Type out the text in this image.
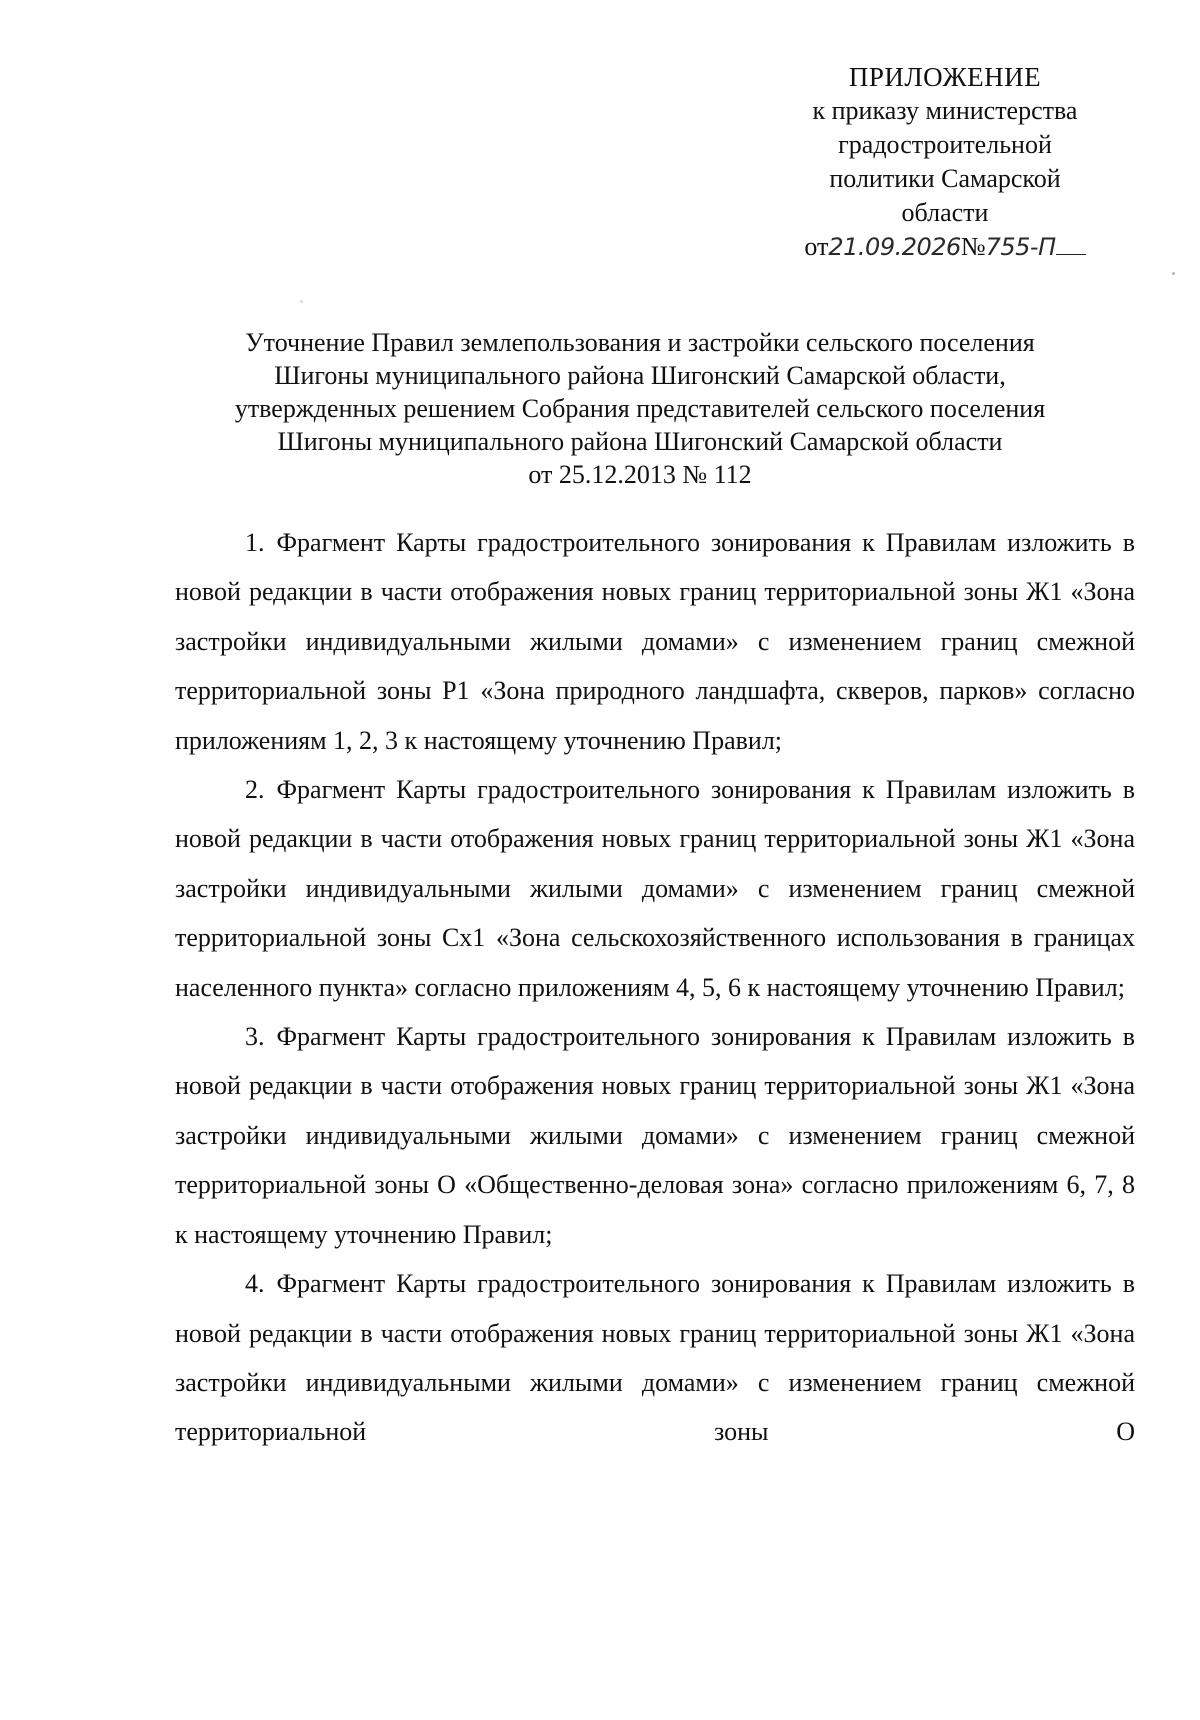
ПРИЛОЖЕНИЕ
к приказу министерства
градостроительной
политики Самарской
области
от21.09.2026№755-П
Уточнение Правил землепользования и застройки сельского поселения
Шигоны муниципального района Шигонский Самарской области,
утвержденных решением Собрания представителей сельского поселения
Шигоны муниципального района Шигонский Самарской области
от 25.12.2013 № 112

1. Фрагмент Карты градостроительного зонирования к Правилам изложить в новой редакции в части отображения новых границ территориальной зоны Ж1 «Зона застройки индивидуальными жилыми домами» с изменением границ смежной территориальной зоны Р1 «Зона природного ландшафта, скверов, парков» согласно приложениям 1, 2, 3 к настоящему уточнению Правил;

2. Фрагмент Карты градостроительного зонирования к Правилам изложить в новой редакции в части отображения новых границ территориальной зоны Ж1 «Зона застройки индивидуальными жилыми домами» с изменением границ смежной территориальной зоны Сх1 «Зона сельскохозяйственного использования в границах населенного пункта» согласно приложениям 4, 5, 6 к настоящему уточнению Правил;

3. Фрагмент Карты градостроительного зонирования к Правилам изложить в новой редакции в части отображения новых границ территориальной зоны Ж1 «Зона застройки индивидуальными жилыми домами» с изменением границ смежной территориальной зоны О «Общественно-деловая зона» согласно приложениям 6, 7, 8 к настоящему уточнению Правил;

4. Фрагмент Карты градостроительного зонирования к Правилам изложить в новой редакции в части отображения новых границ территориальной зоны Ж1 «Зона застройки индивидуальными жилыми домами» с изменением границ смежной территориальной зоны О
